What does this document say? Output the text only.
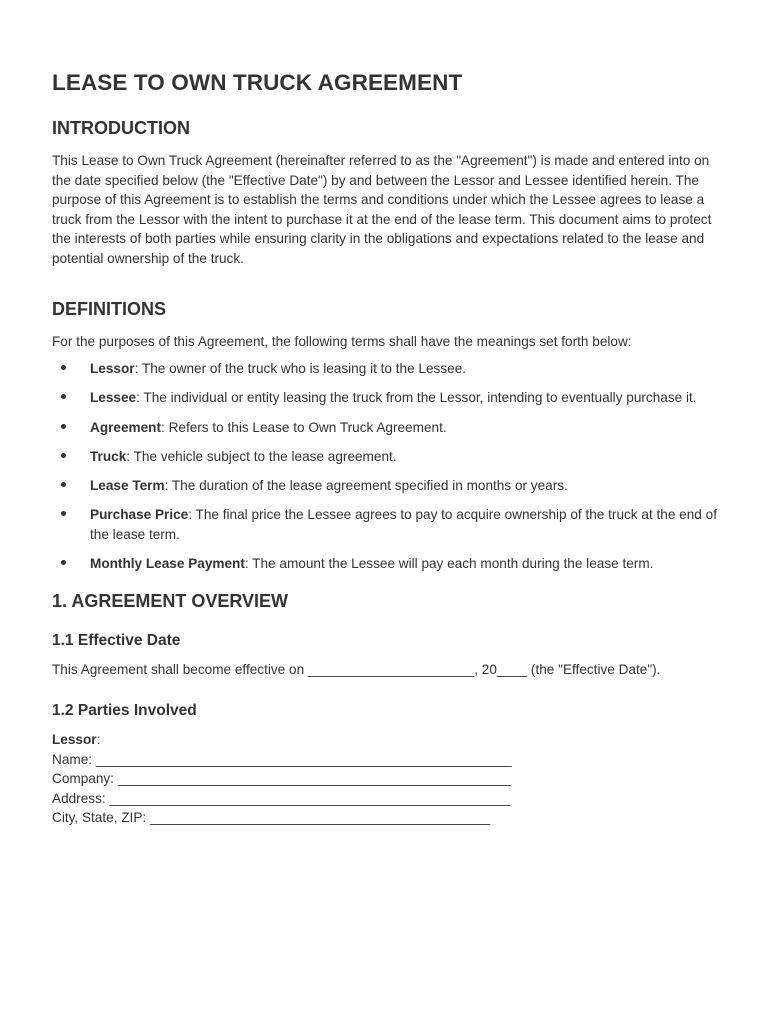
LEASE TO OWN TRUCK AGREEMENT
INTRODUCTION

This Lease to Own Truck Agreement (hereinafter referred to as the "Agreement") is made and entered into on the date specified below (the "Effective Date") by and between the Lessor and Lessee identified herein. The purpose of this Agreement is to establish the terms and conditions under which the Lessee agrees to lease a truck from the Lessor with the intent to purchase it at the end of the lease term. This document aims to protect the interests of both parties while ensuring clarity in the obligations and expectations related to the lease and potential ownership of the truck.

DEFINITIONS

For the purposes of this Agreement, the following terms shall have the meanings set forth below:

Lessor: The owner of the truck who is leasing it to the Lessee.
Lessee: The individual or entity leasing the truck from the Lessor, intending to eventually purchase it.
Agreement: Refers to this Lease to Own Truck Agreement.
Truck: The vehicle subject to the lease agreement.
Lease Term: The duration of the lease agreement specified in months or years.
Purchase Price: The final price the Lessee agrees to pay to acquire ownership of the truck at the end of the lease term.
Monthly Lease Payment: The amount the Lessee will pay each month during the lease term.
1. AGREEMENT OVERVIEW
1.1 Effective Date

This Agreement shall become effective on ______________________, 20____ (the "Effective Date").

1.2 Parties Involved

Lessor:

Name: _______________________________________________________

Company: ____________________________________________________

Address: _____________________________________________________

City, State, ZIP: _____________________________________________
